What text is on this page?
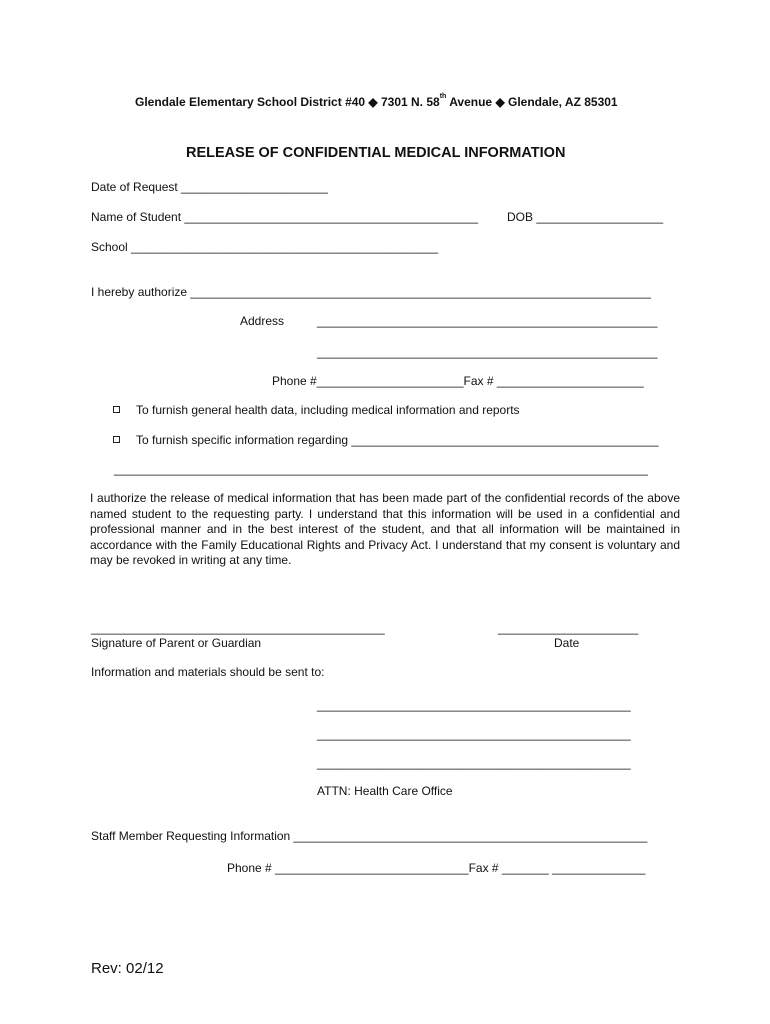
Glendale Elementary School District #40 ◆ 7301 N. 58th Avenue ◆ Glendale, AZ 85301
RELEASE OF CONFIDENTIAL MEDICAL INFORMATION
Date of Request ______________________
Name of Student ____________________________________________ DOB ___________________
School ______________________________________________
I hereby authorize _____________________________________________________________________
Address	___________________________________________________
___________________________________________________
Phone #______________________Fax # ______________________
To furnish general health data, including medical information and reports
To furnish specific information regarding ______________________________________________
________________________________________________________________________________
I authorize the release of medical information that has been made part of the confidential records of the above named student to the requesting party. I understand that this information will be used in a confidential and professional manner and in the best interest of the student, and that all information will be maintained in accordance with the Family Educational Rights and Privacy Act. I understand that my consent is voluntary and may be revoked in writing at any time.
____________________________________________	_____________________
Signature of Parent or Guardian	Date
Information and materials should be sent to:
_______________________________________________
_______________________________________________
_______________________________________________
ATTN: Health Care Office
Staff Member Requesting Information _____________________________________________________
Phone # _____________________________Fax # _______ ______________
Rev: 02/12
